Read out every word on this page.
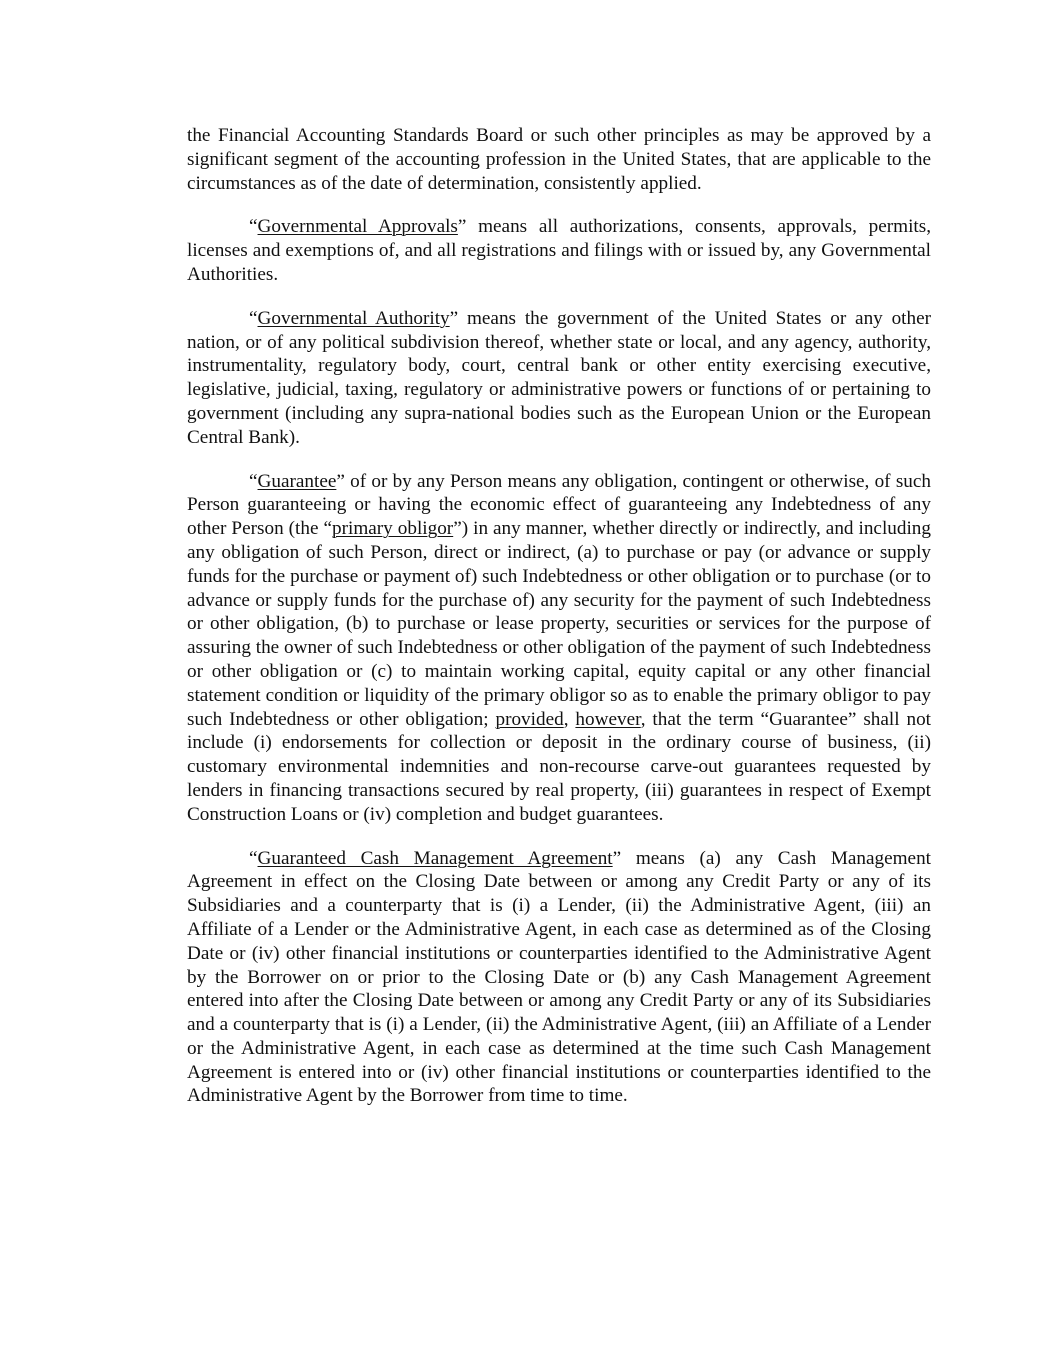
the Financial Accounting Standards Board or such other principles as may be approved by a significant segment of the accounting profession in the United States, that are applicable to the circumstances as of the date of determination, consistently applied.

“Governmental Approvals” means all authorizations, consents, approvals, permits, licenses and exemptions of, and all registrations and filings with or issued by, any Governmental Authorities.

“Governmental Authority” means the government of the United States or any other nation, or of any political subdivision thereof, whether state or local, and any agency, authority, instrumentality, regulatory body, court, central bank or other entity exercising executive, legislative, judicial, taxing, regulatory or administrative powers or functions of or pertaining to government (including any supra-national bodies such as the European Union or the European Central Bank).

“Guarantee” of or by any Person means any obligation, contingent or otherwise, of such Person guaranteeing or having the economic effect of guaranteeing any Indebtedness of any other Person (the “primary obligor”) in any manner, whether directly or indirectly, and including any obligation of such Person, direct or indirect, (a) to purchase or pay (or advance or supply funds for the purchase or payment of) such Indebtedness or other obligation or to purchase (or to advance or supply funds for the purchase of) any security for the payment of such Indebtedness or other obligation, (b) to purchase or lease property, securities or services for the purpose of assuring the owner of such Indebtedness or other obligation of the payment of such Indebtedness or other obligation or (c) to maintain working capital, equity capital or any other financial statement condition or liquidity of the primary obligor so as to enable the primary obligor to pay such Indebtedness or other obligation; provided, however, that the term “Guarantee” shall not include (i) endorsements for collection or deposit in the ordinary course of business, (ii) customary environmental indemnities and non-recourse carve-out guarantees requested by lenders in financing transactions secured by real property, (iii) guarantees in respect of Exempt Construction Loans or (iv) completion and budget guarantees.

“Guaranteed Cash Management Agreement” means (a) any Cash Management Agreement in effect on the Closing Date between or among any Credit Party or any of its Subsidiaries and a counterparty that is (i) a Lender, (ii) the Administrative Agent, (iii) an Affiliate of a Lender or the Administrative Agent, in each case as determined as of the Closing Date or (iv) other financial institutions or counterparties identified to the Administrative Agent by the Borrower on or prior to the Closing Date or (b) any Cash Management Agreement entered into after the Closing Date between or among any Credit Party or any of its Subsidiaries and a counterparty that is (i) a Lender, (ii) the Administrative Agent, (iii) an Affiliate of a Lender or the Administrative Agent, in each case as determined at the time such Cash Management Agreement is entered into or (iv) other financial institutions or counterparties identified to the Administrative Agent by the Borrower from time to time.
